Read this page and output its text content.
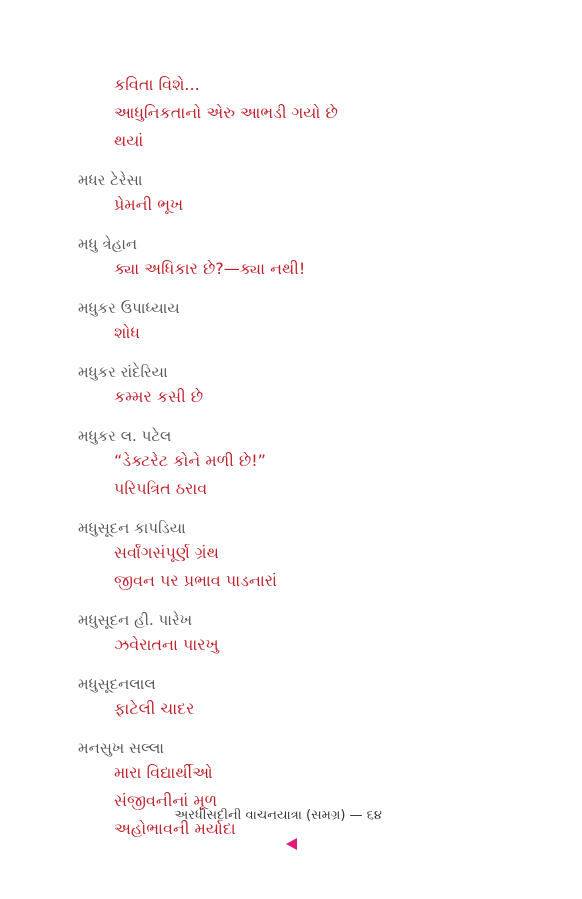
કવિતા વિશે...
આધુનિકતાનો એરુ આભડી ગયો છે
થયાં
મધર ટેરેસા
પ્રેમની ભૂખ
મધુ ત્રેહાન
ક્યા અધિકાર છે?—ક્યા નથી!
મધુકર ઉપાધ્યાય
શોધ
મધુકર રાંદેરિયા
કમ્મર કસી છે
મધુકર લ. પટેલ
“ડેક્ટરેટ કોને મળી છે!”
પરિપત્રિત ઠરાવ
મધુસૂદન કાપડિયા
સર્વાંગસંપૂર્ણ ગ્રંથ
જીવન પર પ્રભાવ પાડનારાં
મધુસૂદન હી. પારેખ
ઝવેરાતના પારખુ
મધુસૂદનલાલ
ફાટેલી ચાદર
મનસુખ સલ્લા
મારા વિદ્યાર્થીઓ
સંજીવનીનાં મૂળ
અહોભાવની મર્યાદા
અરધીસદીની વાચનયાત્રા (સમગ્ર) — ૬૪
